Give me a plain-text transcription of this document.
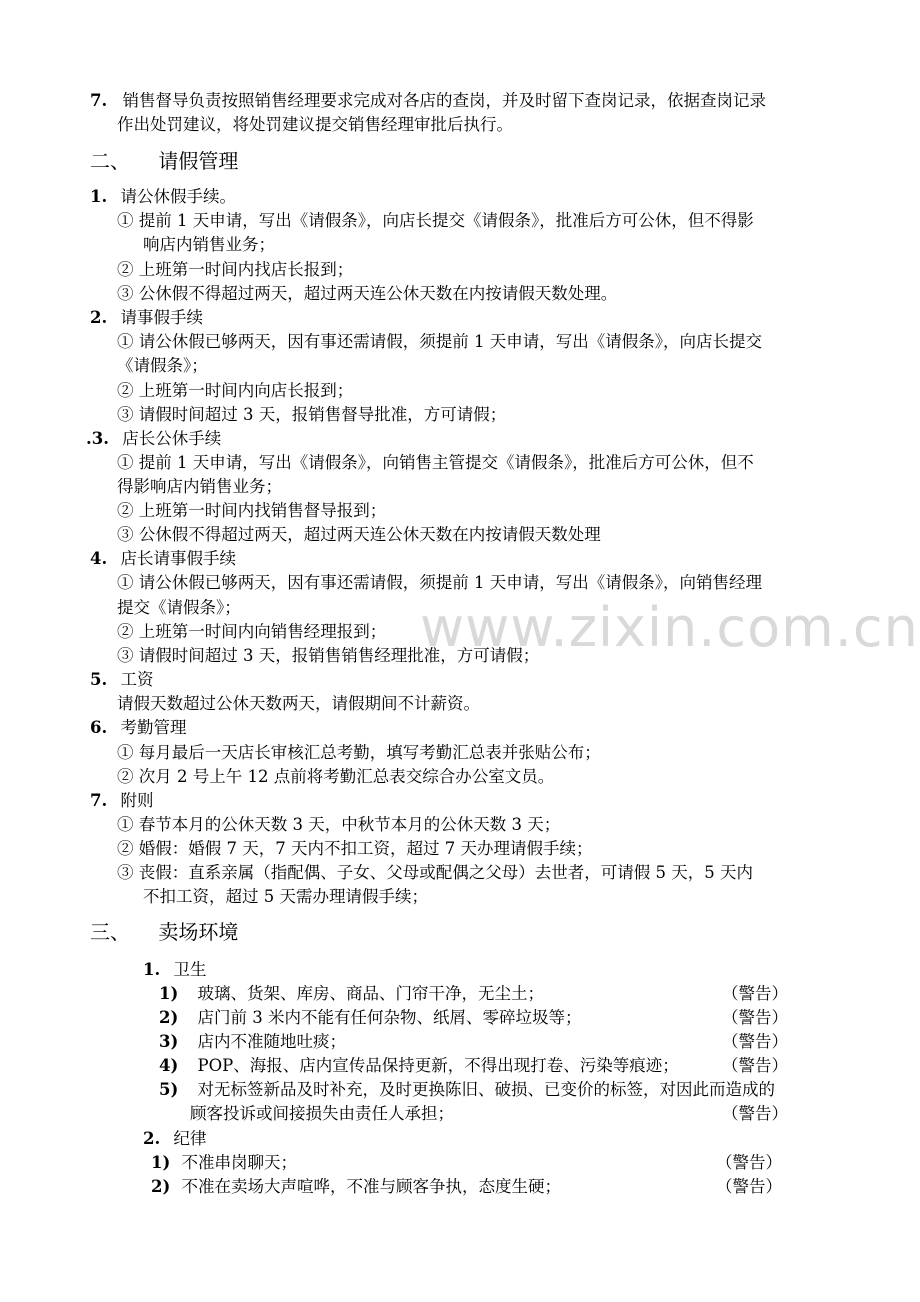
www.zixin.com.cn
7. 销售督导负责按照销售经理要求完成对各店的查岗，并及时留下查岗记录，依据查岗记录
作出处罚建议，将处罚建议提交销售经理审批后执行。
二、 请假管理
1. 请公休假手续。
① 提前 1 天申请，写出《请假条》，向店长提交《请假条》，批准后方可公休，但不得影
响店内销售业务；
② 上班第一时间内找店长报到；
③ 公休假不得超过两天，超过两天连公休天数在内按请假天数处理。
2. 请事假手续
① 请公休假已够两天，因有事还需请假，须提前 1 天申请，写出《请假条》，向店长提交
《请假条》；
② 上班第一时间内向店长报到；
③ 请假时间超过 3 天，报销售督导批准，方可请假；
.3. 店长公休手续
① 提前 1 天申请，写出《请假条》，向销售主管提交《请假条》，批准后方可公休，但不
得影响店内销售业务；
② 上班第一时间内找销售督导报到；
③ 公休假不得超过两天，超过两天连公休天数在内按请假天数处理
4. 店长请事假手续
① 请公休假已够两天，因有事还需请假，须提前 1 天申请，写出《请假条》，向销售经理
提交《请假条》；
② 上班第一时间内向销售经理报到；
③ 请假时间超过 3 天，报销售销售经理批准，方可请假；
5. 工资
请假天数超过公休天数两天，请假期间不计薪资。
6. 考勤管理
① 每月最后一天店长审核汇总考勤，填写考勤汇总表并张贴公布；
② 次月 2 号上午 12 点前将考勤汇总表交综合办公室文员。
7. 附则
① 春节本月的公休天数 3 天，中秋节本月的公休天数 3 天；
② 婚假：婚假 7 天，7 天内不扣工资，超过 7 天办理请假手续；
③ 丧假：直系亲属（指配偶、子女、父母或配偶之父母）去世者，可请假 5 天，5 天内
不扣工资，超过 5 天需办理请假手续；
三、 卖场环境
1. 卫生
1) 玻璃、货架、库房、商品、门帘干净，无尘土；	（警告）
2) 店门前 3 米内不能有任何杂物、纸屑、零碎垃圾等；	（警告）
3) 店内不准随地吐痰；	（警告）
4) POP、海报、店内宣传品保持更新，不得出现打卷、污染等痕迹；	（警告）
5) 对无标签新品及时补充，及时更换陈旧、破损、已变价的标签，对因此而造成的
顾客投诉或间接损失由责任人承担；	（警告）
2. 纪律
1) 不准串岗聊天；	（警告）
2) 不准在卖场大声喧哗，不准与顾客争执，态度生硬；	（警告）
